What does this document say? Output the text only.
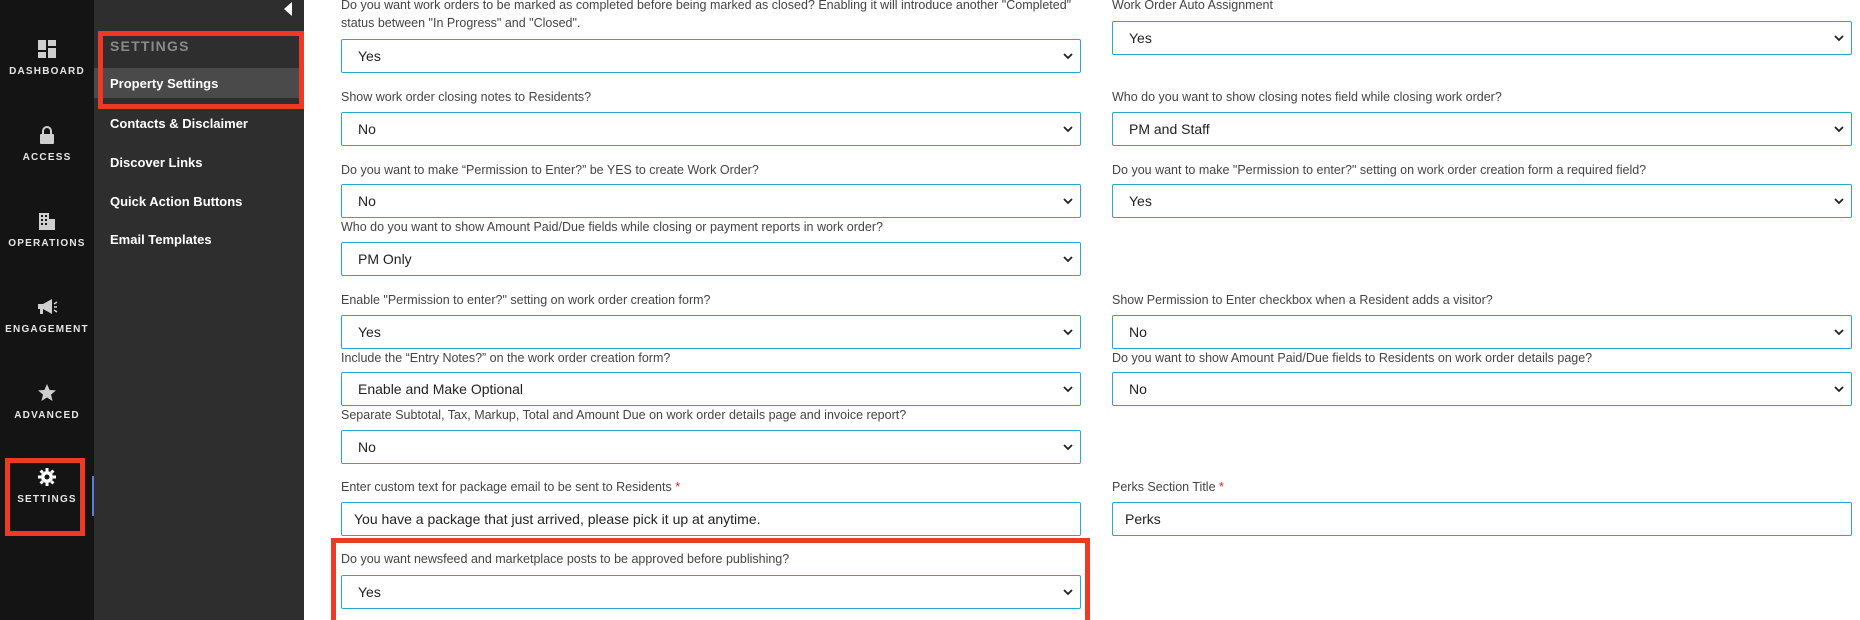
DASHBOARD
ACCESS
OPERATIONS
ENGAGEMENT
ADVANCED
SETTINGS
SETTINGS
Property Settings
Contacts & Disclaimer
Discover Links
Quick Action Buttons
Email Templates
Do you want work orders to be marked as completed before being marked as closed? Enabling it will introduce another "Completed" status between "In Progress" and "Closed".
Yes
Work Order Auto Assignment
Yes
Show work order closing notes to Residents?
No
Who do you want to show closing notes field while closing work order?
PM and Staff
Do you want to make “Permission to Enter?” be YES to create Work Order?
No
Do you want to make "Permission to enter?" setting on work order creation form a required field?
Yes
Who do you want to show Amount Paid/Due fields while closing or payment reports in work order?
PM Only
Enable "Permission to enter?" setting on work order creation form?
Yes
Show Permission to Enter checkbox when a Resident adds a visitor?
No
Include the “Entry Notes?” on the work order creation form?
Enable and Make Optional
Do you want to show Amount Paid/Due fields to Residents on work order details page?
No
Separate Subtotal, Tax, Markup, Total and Amount Due on work order details page and invoice report?
No
Enter custom text for package email to be sent to Residents *
You have a package that just arrived, please pick it up at anytime.
Perks Section Title *
Perks
Do you want newsfeed and marketplace posts to be approved before publishing?
Yes
